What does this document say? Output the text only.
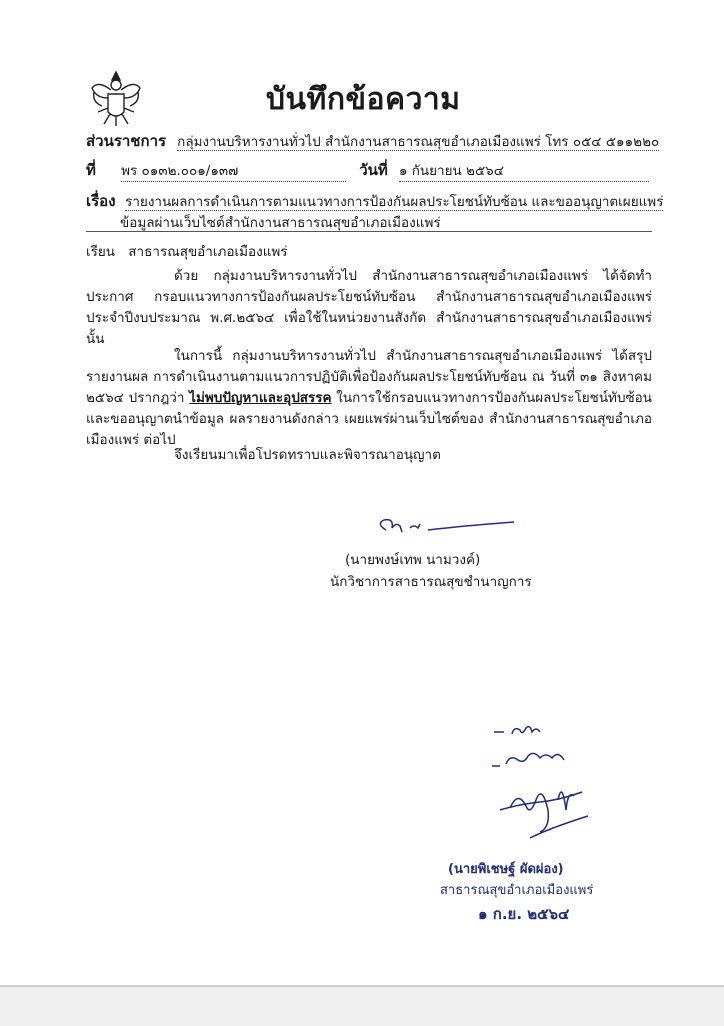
บันทึกข้อความ
ส่วนราชการ กลุ่มงานบริหารงานทั่วไป สำนักงานสาธารณสุขอำเภอเมืองแพร่ โทร ๐๕๔ ๕๑๑๒๒๐
ที่ พร ๐๑๓๒.๐๐๑/๑๓๗	วันที่ ๑ กันยายน ๒๕๖๔
เรื่อง รายงานผลการดำเนินการตามแนวทางการป้องกันผลประโยชน์ทับซ้อน และขออนุญาตเผยแพร่
ข้อมูลผ่านเว็บไซต์สำนักงานสาธารณสุขอำเภอเมืองแพร่
เรียน สาธารณสุขอำเภอเมืองแพร่
ด้วย กลุ่มงานบริหารงานทั่วไป สำนักงานสาธารณสุขอำเภอเมืองแพร่ ได้จัดทำประกาศ กรอบแนวทางการป้องกันผลประโยชน์ทับซ้อน สำนักงานสาธารณสุขอำเภอเมืองแพร่ ประจำปีงบประมาณ พ.ศ.๒๕๖๔ เพื่อใช้ในหน่วยงานสังกัด สำนักงานสาธารณสุขอำเภอเมืองแพร่ นั้น
ในการนี้ กลุ่มงานบริหารงานทั่วไป สำนักงานสาธารณสุขอำเภอเมืองแพร่ ได้สรุปรายงานผล การดำเนินงานตามแนวการปฏิบัติเพื่อป้องกันผลประโยชน์ทับซ้อน ณ วันที่ ๓๑ สิงหาคม ๒๕๖๔ ปรากฎว่า ไม่พบปัญหาและอุปสรรค ในการใช้กรอบแนวทางการป้องกันผลประโยชน์ทับซ้อน และขออนุญาตนำข้อมูล ผลรายงานดังกล่าว เผยแพร่ผ่านเว็บไซต์ของ สำนักงานสาธารณสุขอำเภอเมืองแพร่ ต่อไป
จึงเรียนมาเพื่อโปรดทราบและพิจารณาอนุญาต
(นายพงษ์เทพ นามวงค์)
นักวิชาการสาธารณสุขชำนาญการ
(นายพิเชษฐ์ ผัดผ่อง)
สาธารณสุขอำเภอเมืองแพร่
๑ ก.ย. ๒๕๖๔
